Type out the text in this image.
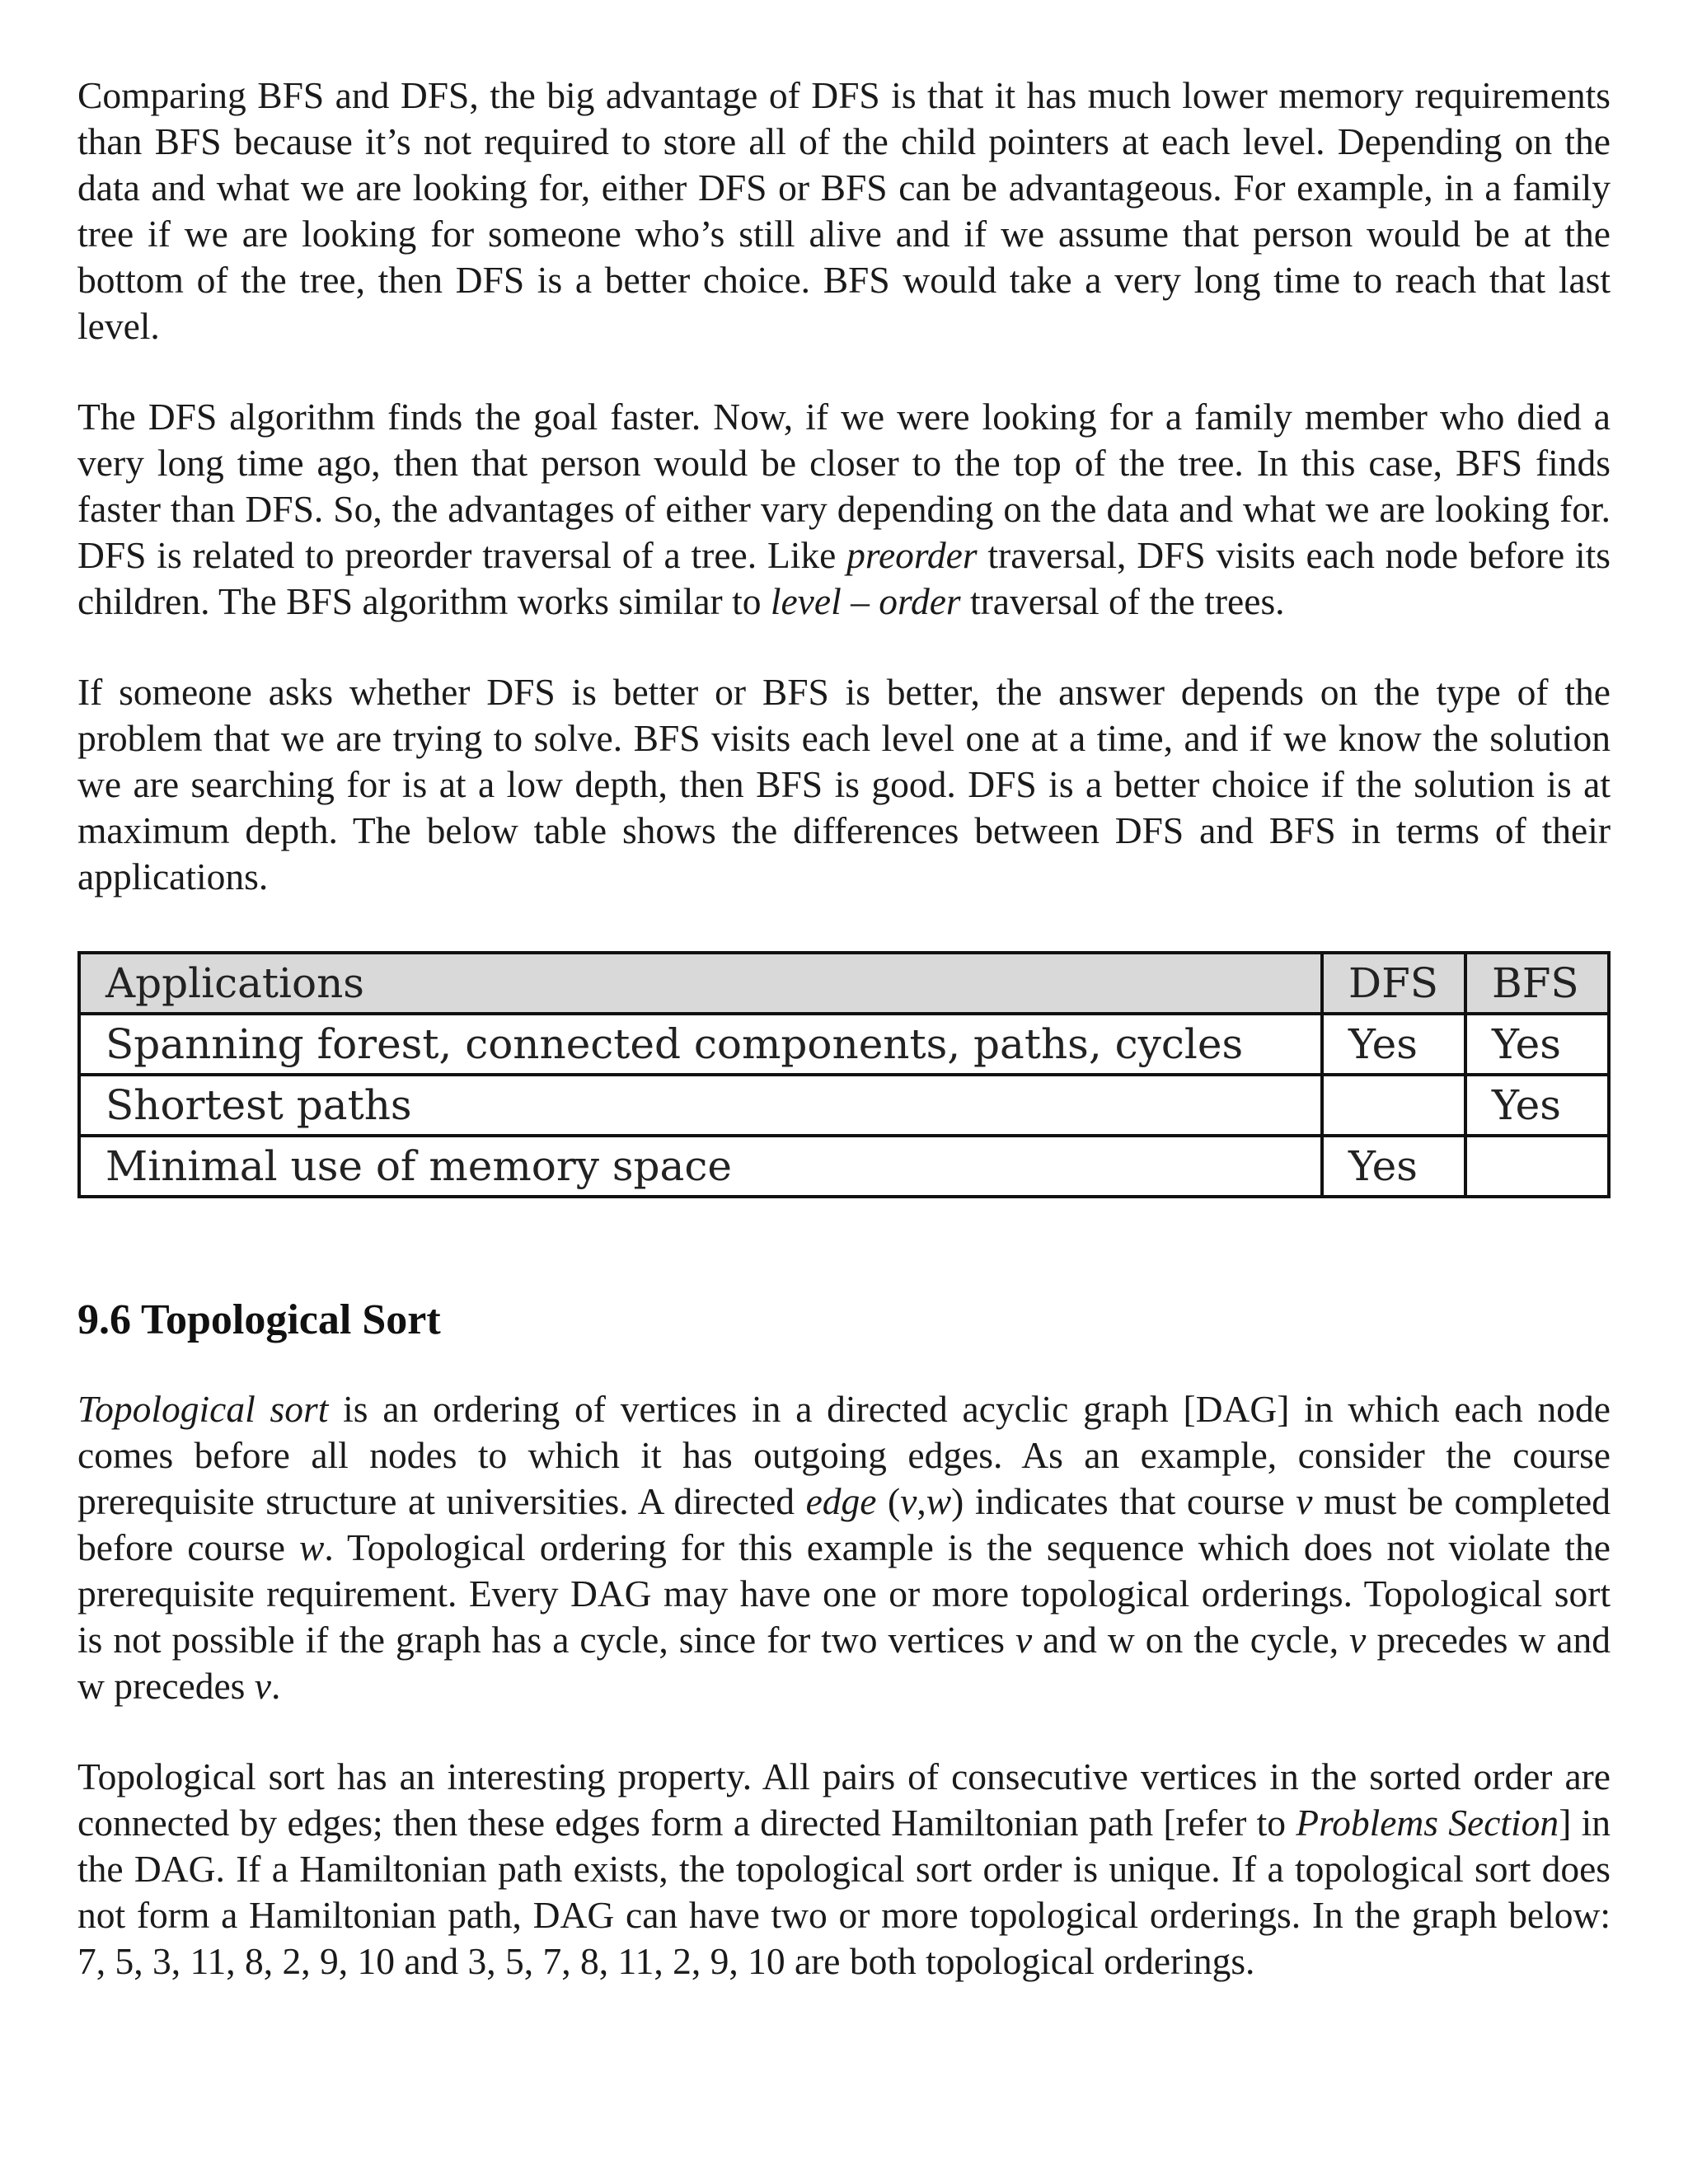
Comparing BFS and DFS, the big advantage of DFS is that it has much lower memory requirements than BFS because it’s not required to store all of the child pointers at each level. Depending on the data and what we are looking for, either DFS or BFS can be advantageous. For example, in a family tree if we are looking for someone who’s still alive and if we assume that person would be at the bottom of the tree, then DFS is a better choice. BFS would take a very long time to reach that last level.

The DFS algorithm finds the goal faster. Now, if we were looking for a family member who died a very long time ago, then that person would be closer to the top of the tree. In this case, BFS finds faster than DFS. So, the advantages of either vary depending on the data and what we are looking for. DFS is related to preorder traversal of a tree. Like preorder traversal, DFS visits each node before its children. The BFS algorithm works similar to level – order traversal of the trees.

If someone asks whether DFS is better or BFS is better, the answer depends on the type of the problem that we are trying to solve. BFS visits each level one at a time, and if we know the solution we are searching for is at a low depth, then BFS is good. DFS is a better choice if the solution is at maximum depth. The below table shows the differences between DFS and BFS in terms of their applications.

Applications	DFS	BFS
Spanning forest, connected components, paths, cycles	Yes	Yes
Shortest paths		Yes
Minimal use of memory space	Yes	
9.6 Topological Sort

Topological sort is an ordering of vertices in a directed acyclic graph [DAG] in which each node comes before all nodes to which it has outgoing edges. As an example, consider the course prerequisite structure at universities. A directed edge (v,w) indicates that course v must be completed before course w. Topological ordering for this example is the sequence which does not violate the prerequisite requirement. Every DAG may have one or more topological orderings. Topological sort is not possible if the graph has a cycle, since for two vertices v and w on the cycle, v precedes w and w precedes v.

Topological sort has an interesting property. All pairs of consecutive vertices in the sorted order are connected by edges; then these edges form a directed Hamiltonian path [refer to Problems Section] in the DAG. If a Hamiltonian path exists, the topological sort order is unique. If a topological sort does not form a Hamiltonian path, DAG can have two or more topological orderings. In the graph below: 7, 5, 3, 11, 8, 2, 9, 10 and 3, 5, 7, 8, 11, 2, 9, 10 are both topological orderings.
